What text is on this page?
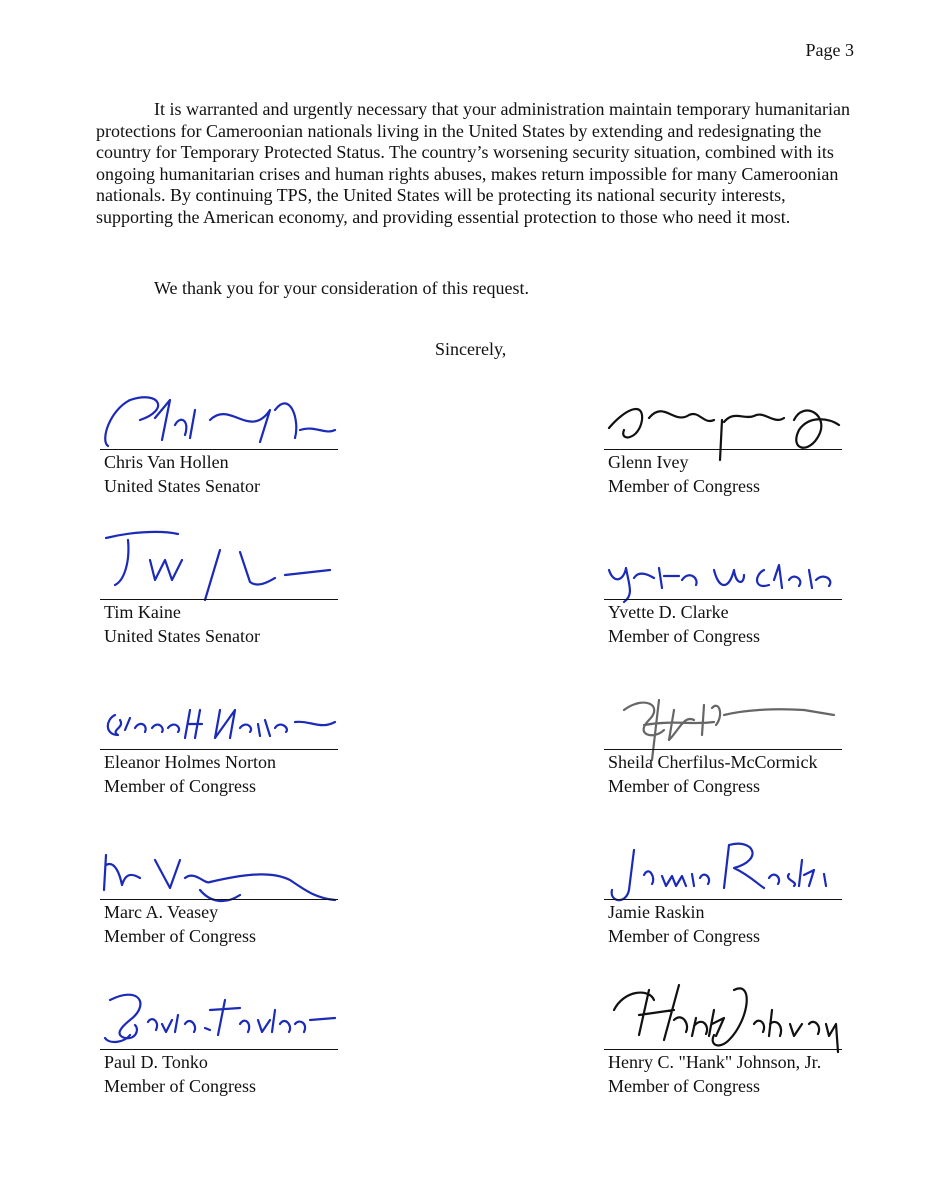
Page 3

It is warranted and urgently necessary that your administration maintain temporary humanitarian protections for Cameroonian nationals living in the United States by extending and redesignating the country for Temporary Protected Status. The country’s worsening security situation, combined with its ongoing humanitarian crises and human rights abuses, makes return impossible for many Cameroonian nationals. By continuing TPS, the United States will be protecting its national security interests, supporting the American economy, and providing essential protection to those who need it most.

We thank you for your consideration of this request.

Sincerely,
Chris Van Hollen
United States Senator
Glenn Ivey
Member of Congress
Tim Kaine
United States Senator
Yvette D. Clarke
Member of Congress
Eleanor Holmes Norton
Member of Congress
Sheila Cherfilus-McCormick
Member of Congress
Marc A. Veasey
Member of Congress
Jamie Raskin
Member of Congress
Paul D. Tonko
Member of Congress
Henry C. "Hank" Johnson, Jr.
Member of Congress
